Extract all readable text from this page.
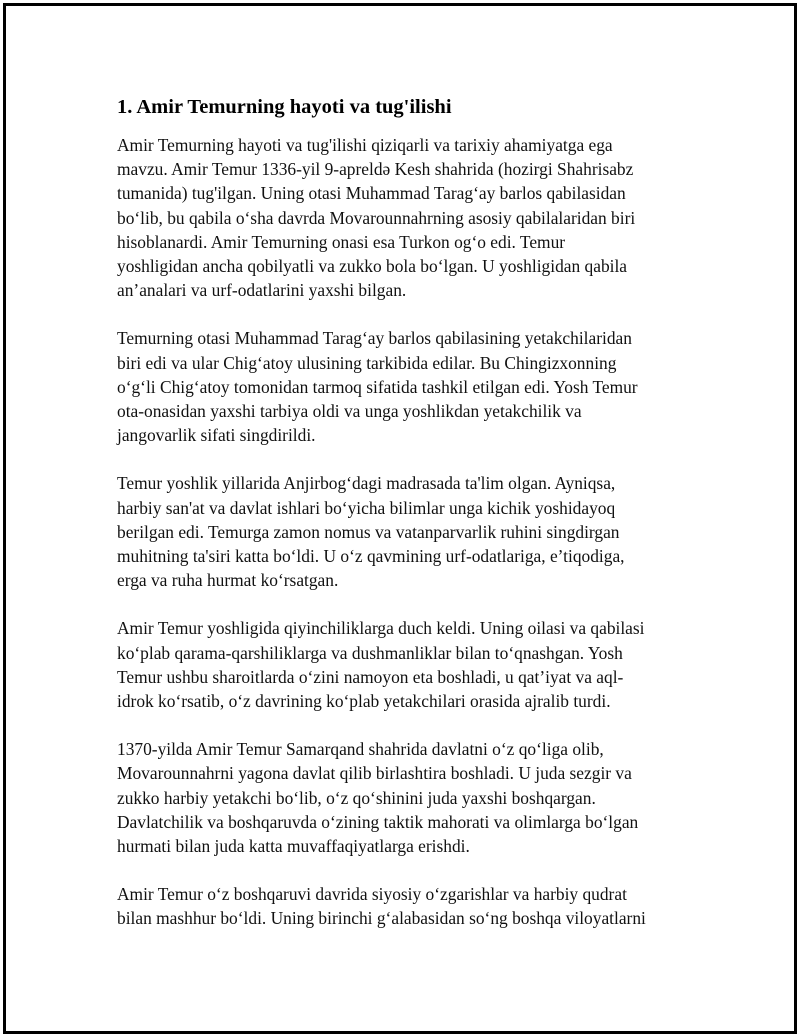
1. Amir Temurning hayoti va tug'ilishi

Amir Temurning hayoti va tug'ilishi qiziqarli va tarixiy ahamiyatga ega
mavzu. Amir Temur 1336-yil 9-apreldə Kesh shahrida (hozirgi Shahrisabz
tumanida) tug'ilgan. Uning otasi Muhammad Taragʻay barlos qabilasidan
boʻlib, bu qabila oʻsha davrda Movarounnahrning asosiy qabilalaridan biri
hisoblanardi. Amir Temurning onasi esa Turkon ogʻo edi. Temur
yoshligidan ancha qobilyatli va zukko bola boʻlgan. U yoshligidan qabila
an’analari va urf-odatlarini yaxshi bilgan.

Temurning otasi Muhammad Taragʻay barlos qabilasining yetakchilaridan
biri edi va ular Chigʻatoy ulusining tarkibida edilar. Bu Chingizxonning
oʻgʻli Chigʻatoy tomonidan tarmoq sifatida tashkil etilgan edi. Yosh Temur
ota-onasidan yaxshi tarbiya oldi va unga yoshlikdan yetakchilik va
jangovarlik sifati singdirildi.

Temur yoshlik yillarida Anjirbogʻdagi madrasada ta'lim olgan. Ayniqsa,
harbiy san'at va davlat ishlari boʻyicha bilimlar unga kichik yoshidayoq
berilgan edi. Temurga zamon nomus va vatanparvarlik ruhini singdirgan
muhitning ta'siri katta boʻldi. U oʻz qavmining urf-odatlariga, e’tiqodiga,
erga va ruha hurmat koʻrsatgan.

Amir Temur yoshligida qiyinchiliklarga duch keldi. Uning oilasi va qabilasi
koʻplab qarama-qarshiliklarga va dushmanliklar bilan toʻqnashgan. Yosh
Temur ushbu sharoitlarda oʻzini namoyon eta boshladi, u qat’iyat va aql-
idrok koʻrsatib, oʻz davrining koʻplab yetakchilari orasida ajralib turdi.

1370-yilda Amir Temur Samarqand shahrida davlatni oʻz qoʻliga olib,
Movarounnahrni yagona davlat qilib birlashtira boshladi. U juda sezgir va
zukko harbiy yetakchi boʻlib, oʻz qoʻshinini juda yaxshi boshqargan.
Davlatchilik va boshqaruvda oʻzining taktik mahorati va olimlarga boʻlgan
hurmati bilan juda katta muvaffaqiyatlarga erishdi.

Amir Temur oʻz boshqaruvi davrida siyosiy oʻzgarishlar va harbiy qudrat
bilan mashhur boʻldi. Uning birinchi gʻalabasidan soʻng boshqa viloyatlarni
